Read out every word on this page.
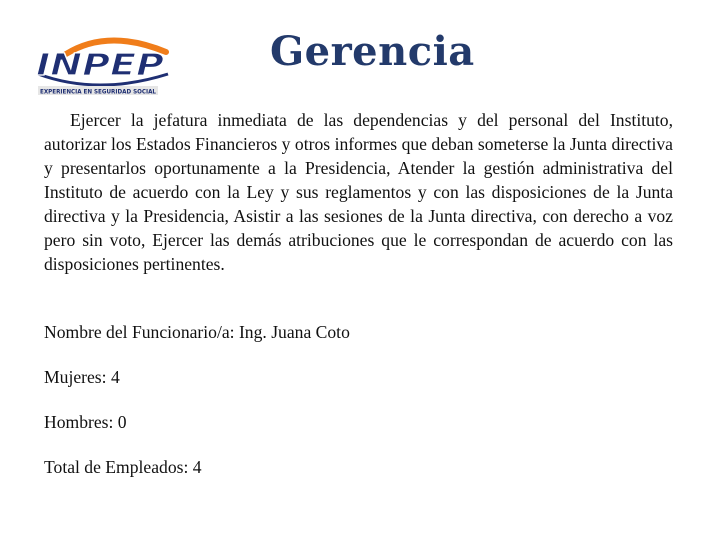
INPEP
EXPERIENCIA EN SEGURIDAD SOCIAL
Gerencia

Ejercer la jefatura inmediata de las dependencias y del personal del Instituto, autorizar los Estados Financieros y otros informes que deban someterse la Junta directiva y presentarlos oportunamente a la Presidencia, Atender la gestión administrativa del Instituto de acuerdo con la Ley y sus reglamentos y con las disposiciones de la Junta directiva y la Presidencia, Asistir a las sesiones de la Junta directiva, con derecho a voz pero sin voto, Ejercer las demás atribuciones que le correspondan de acuerdo con las disposiciones pertinentes.

Nombre del Funcionario/a: Ing. Juana Coto

Mujeres: 4

Hombres: 0

Total de Empleados: 4
